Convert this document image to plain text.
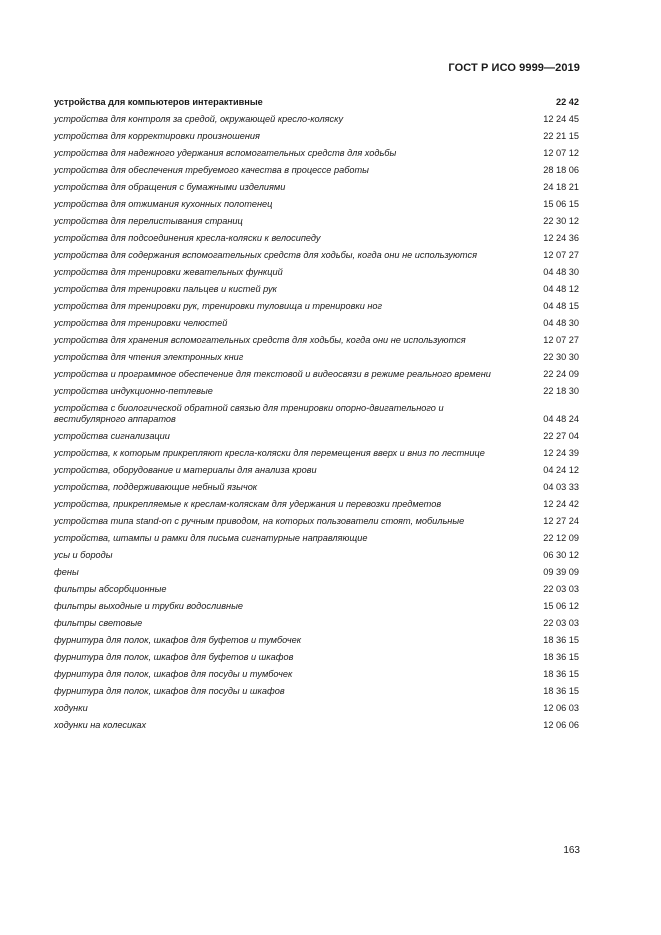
ГОСТ Р ИСО 9999—2019
устройства для компьютеров интерактивные	22 42
устройства для контроля за средой, окружающей кресло-коляску	12 24 45
устройства для корректировки произношения	22 21 15
устройства для надежного удержания вспомогательных средств для ходьбы	12 07 12
устройства для обеспечения требуемого качества в процессе работы	28 18 06
устройства для обращения с бумажными изделиями	24 18 21
устройства для отжимания кухонных полотенец	15 06 15
устройства для перелистывания страниц	22 30 12
устройства для подсоединения кресла-коляски к велосипеду	12 24 36
устройства для содержания вспомогательных средств для ходьбы, когда они не используются	12 07 27
устройства для тренировки жевательных функций	04 48 30
устройства для тренировки пальцев и кистей рук	04 48 12
устройства для тренировки рук, тренировки туловища и тренировки ног	04 48 15
устройства для тренировки челюстей	04 48 30
устройства для хранения вспомогательных средств для ходьбы, когда они не используются	12 07 27
устройства для чтения электронных книг	22 30 30
устройства и программное обеспечение для текстовой и видеосвязи в режиме реального времени	22 24 09
устройства индукционно-петлевые	22 18 30
устройства с биологической обратной связью для тренировки опорно-двигательного и вестибулярного аппаратов	04 48 24
устройства сигнализации	22 27 04
устройства, к которым прикрепляют кресла-коляски для перемещения вверх и вниз по лестнице	12 24 39
устройства, оборудование и материалы для анализа крови	04 24 12
устройства, поддерживающие небный язычок	04 03 33
устройства, прикрепляемые к креслам-коляскам для удержания и перевозки предметов	12 24 42
устройства типа stand-on с ручным приводом, на которых пользователи стоят, мобильные	12 27 24
устройства, штампы и рамки для письма сигнатурные направляющие	22 12 09
усы и бороды	06 30 12
фены	09 39 09
фильтры абсорбционные	22 03 03
фильтры выходные и трубки водосливные	15 06 12
фильтры световые	22 03 03
фурнитура для полок, шкафов для буфетов и тумбочек	18 36 15
фурнитура для полок, шкафов для буфетов и шкафов	18 36 15
фурнитура для полок, шкафов для посуды и тумбочек	18 36 15
фурнитура для полок, шкафов для посуды и шкафов	18 36 15
ходунки	12 06 03
ходунки на колесиках	12 06 06
163
